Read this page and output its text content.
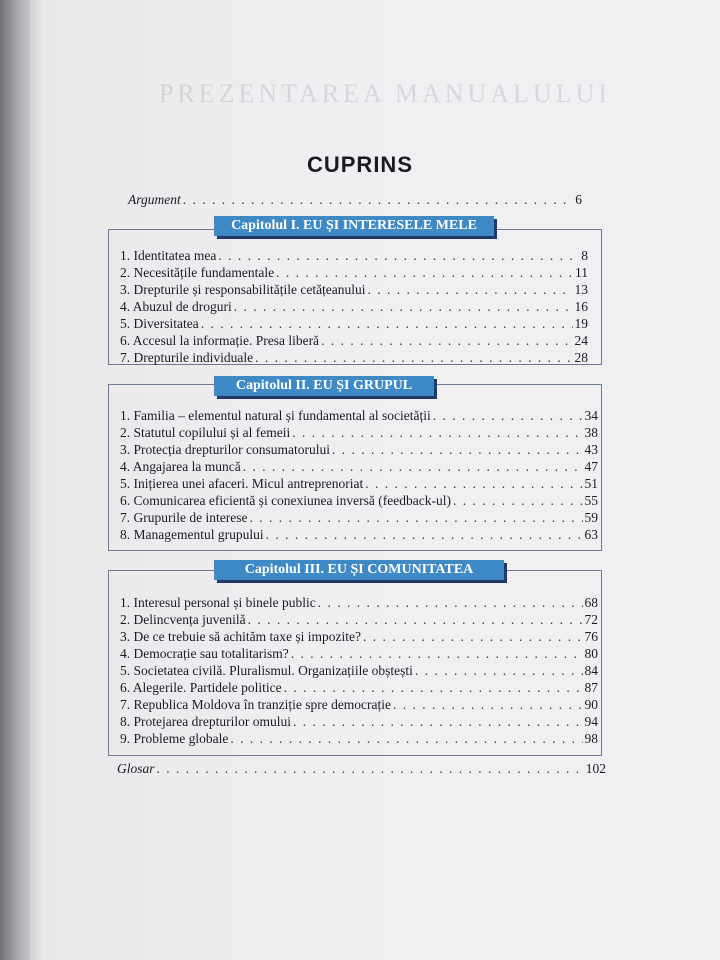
PREZENTAREA MANUALULUI
CUPRINS
Argument . . .	6
Capitolul I. EU ȘI INTERESELE MELE
Capitolul II. EU ȘI GRUPUL
Capitolul III. EU ȘI COMUNITATEA
1. Identitatea mea . . .	8
2. Necesitățile fundamentale . . .	11
3. Drepturile și responsabilitățile cetățeanului . . .	13
4. Abuzul de droguri . . .	16
5. Diversitatea . . .	19
6. Accesul la informație. Presa liberă . . .	24
7. Drepturile individuale . . .	28
1. Familia – elementul natural și fundamental al societății . . .	34
2. Statutul copilului și al femeii . . .	38
3. Protecția drepturilor consumatorului . . .	43
4. Angajarea la muncă . . .	47
5. Inițierea unei afaceri. Micul antreprenoriat . . .	51
6. Comunicarea eficientă și conexiunea inversă (feedback-ul) . . .	55
7. Grupurile de interese . . .	59
8. Managementul grupului . . .	63
1. Interesul personal și binele public . . .	68
2. Delincvența juvenilă . . .	72
3. De ce trebuie să achităm taxe și impozite? . . .	76
4. Democrație sau totalitarism? . . .	80
5. Societatea civilă. Pluralismul. Organizațiile obștești . . .	84
6. Alegerile. Partidele politice . . .	87
7. Republica Moldova în tranziție spre democrație . . .	90
8. Protejarea drepturilor omului . . .	94
9. Probleme globale . . .	98
Glosar . . .	102
